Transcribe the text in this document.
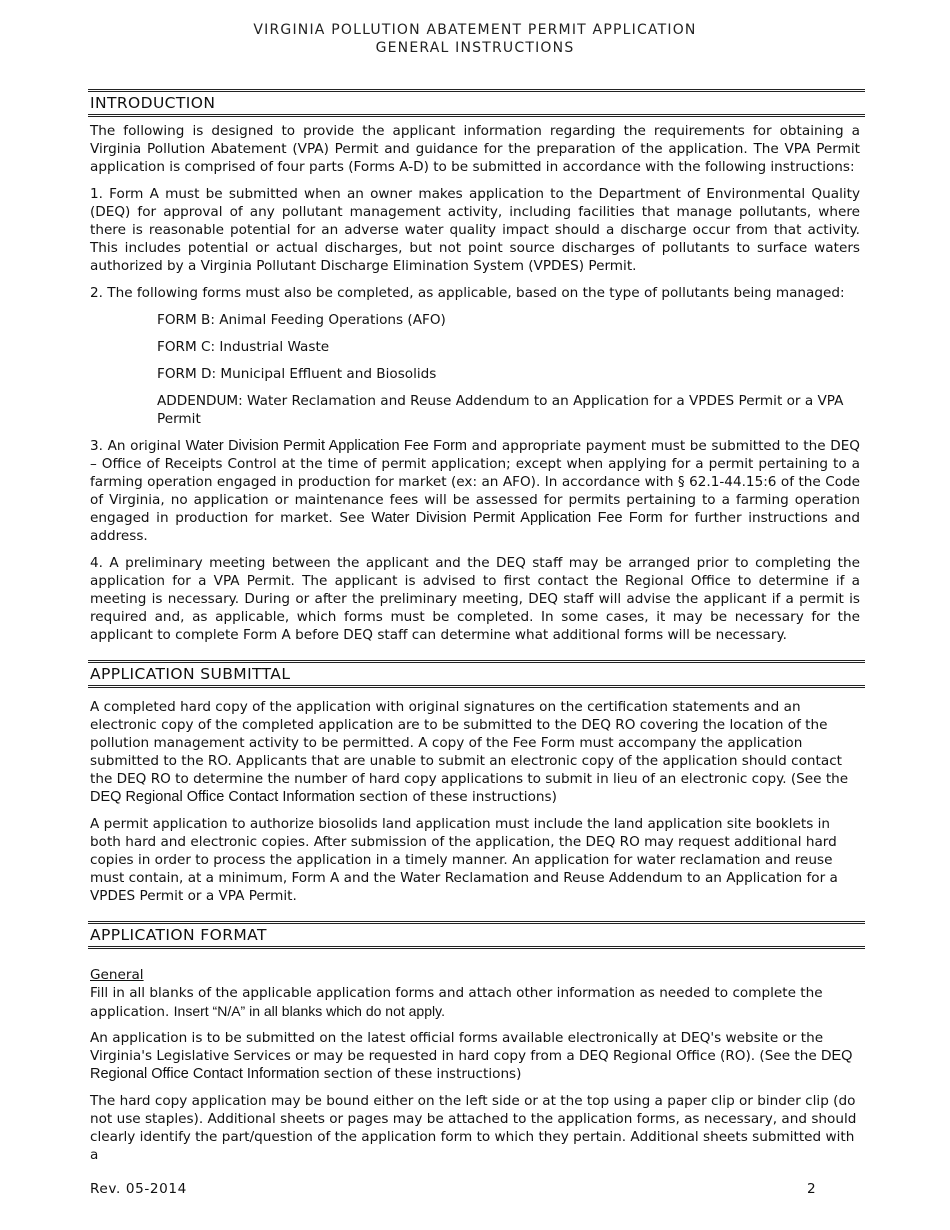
VIRGINIA POLLUTION ABATEMENT PERMIT APPLICATION
GENERAL INSTRUCTIONS
INTRODUCTION

The following is designed to provide the applicant information regarding the requirements for obtaining a Virginia Pollution Abatement (VPA) Permit and guidance for the preparation of the application. The VPA Permit application is comprised of four parts (Forms A-D) to be submitted in accordance with the following instructions:

1. Form A must be submitted when an owner makes application to the Department of Environmental Quality (DEQ) for approval of any pollutant management activity, including facilities that manage pollutants, where there is reasonable potential for an adverse water quality impact should a discharge occur from that activity. This includes potential or actual discharges, but not point source discharges of pollutants to surface waters authorized by a Virginia Pollutant Discharge Elimination System (VPDES) Permit.

2. The following forms must also be completed, as applicable, based on the type of pollutants being managed:

FORM B: Animal Feeding Operations (AFO)

FORM C: Industrial Waste

FORM D: Municipal Effluent and Biosolids

ADDENDUM: Water Reclamation and Reuse Addendum to an Application for a VPDES Permit or a VPA Permit

3. An original Water Division Permit Application Fee Form and appropriate payment must be submitted to the DEQ – Office of Receipts Control at the time of permit application; except when applying for a permit pertaining to a farming operation engaged in production for market (ex: an AFO). In accordance with § 62.1-44.15:6 of the Code of Virginia, no application or maintenance fees will be assessed for permits pertaining to a farming operation engaged in production for market. See Water Division Permit Application Fee Form for further instructions and address.

4. A preliminary meeting between the applicant and the DEQ staff may be arranged prior to completing the application for a VPA Permit. The applicant is advised to first contact the Regional Office to determine if a meeting is necessary. During or after the preliminary meeting, DEQ staff will advise the applicant if a permit is required and, as applicable, which forms must be completed. In some cases, it may be necessary for the applicant to complete Form A before DEQ staff can determine what additional forms will be necessary.

APPLICATION SUBMITTAL

A completed hard copy of the application with original signatures on the certification statements and an electronic copy of the completed application are to be submitted to the DEQ RO covering the location of the pollution management activity to be permitted. A copy of the Fee Form must accompany the application submitted to the RO. Applicants that are unable to submit an electronic copy of the application should contact the DEQ RO to determine the number of hard copy applications to submit in lieu of an electronic copy. (See the DEQ Regional Office Contact Information section of these instructions)

A permit application to authorize biosolids land application must include the land application site booklets in both hard and electronic copies. After submission of the application, the DEQ RO may request additional hard copies in order to process the application in a timely manner. An application for water reclamation and reuse must contain, at a minimum, Form A and the Water Reclamation and Reuse Addendum to an Application for a VPDES Permit or a VPA Permit.

APPLICATION FORMAT

General

Fill in all blanks of the applicable application forms and attach other information as needed to complete the application. Insert “N/A” in all blanks which do not apply.

An application is to be submitted on the latest official forms available electronically at DEQ's website or the Virginia's Legislative Services or may be requested in hard copy from a DEQ Regional Office (RO). (See the DEQ Regional Office Contact Information section of these instructions)

The hard copy application may be bound either on the left side or at the top using a paper clip or binder clip (do not use staples). Additional sheets or pages may be attached to the application forms, as necessary, and should clearly identify the part/question of the application form to which they pertain. Additional sheets submitted with a

Rev. 05-2014	2
